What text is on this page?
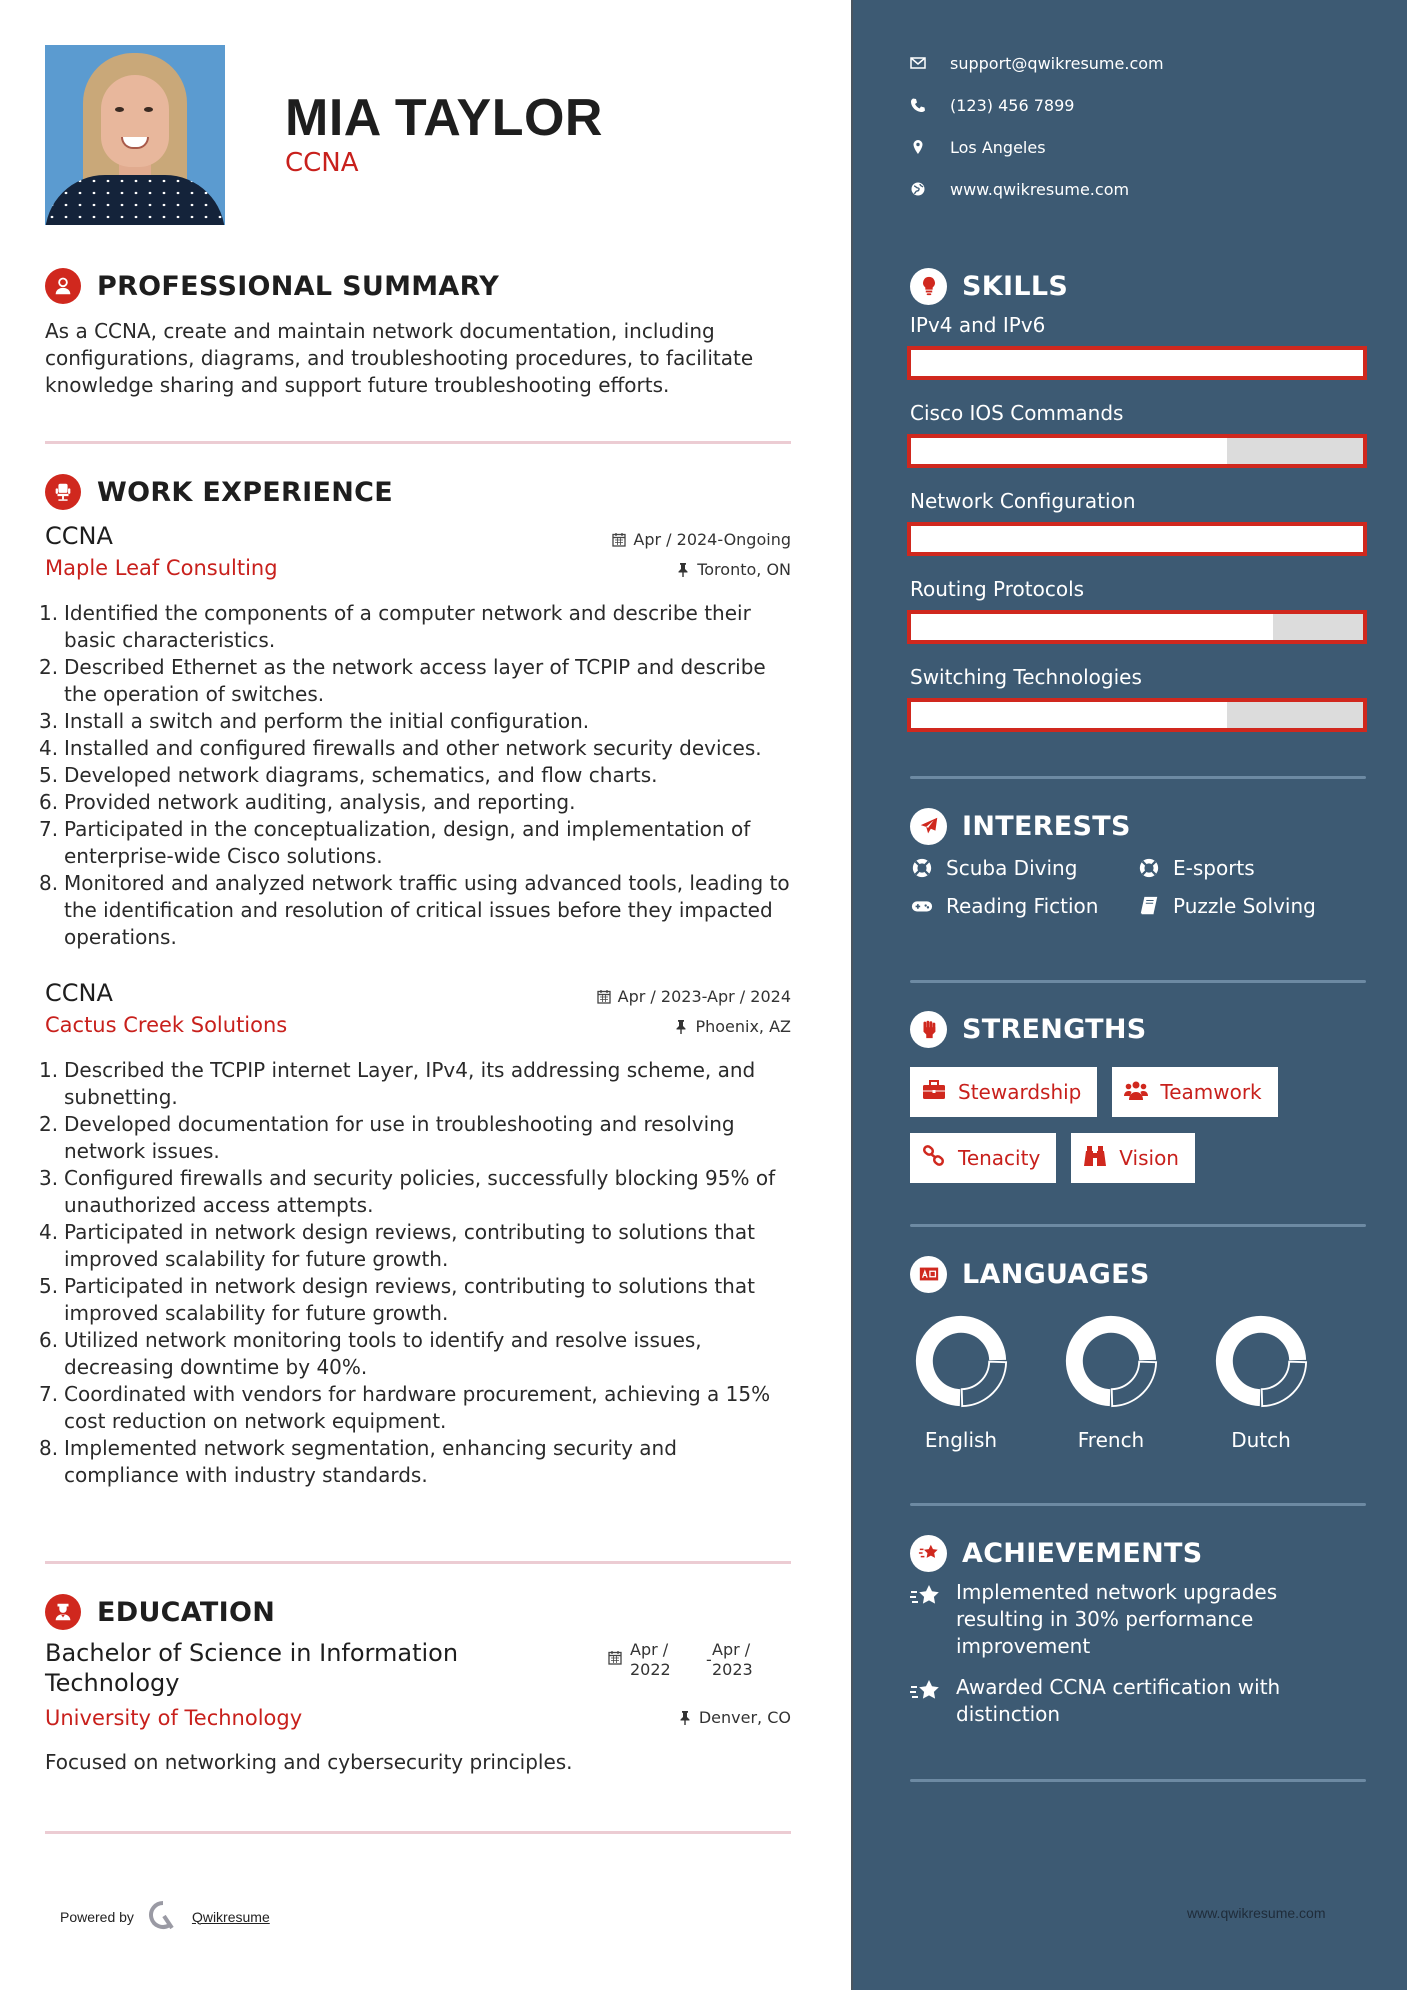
MIA TAYLOR
CCNA
PROFESSIONAL SUMMARY

As a CCNA, create and maintain network documentation, including configurations, diagrams, and troubleshooting procedures, to facilitate knowledge sharing and support future troubleshooting efforts.

WORK EXPERIENCE
CCNA
Maple Leaf Consulting
Apr / 2024-Ongoing
Toronto, ON
1. Identified the components of a computer network and describe their basic characteristics.
2. Described Ethernet as the network access layer of TCPIP and describe the operation of switches.
3. Install a switch and perform the initial configuration.
4. Installed and configured firewalls and other network security devices.
5. Developed network diagrams, schematics, and flow charts.
6. Provided network auditing, analysis, and reporting.
7. Participated in the conceptualization, design, and implementation of enterprise-wide Cisco solutions.
8. Monitored and analyzed network traffic using advanced tools, leading to the identification and resolution of critical issues before they impacted operations.
CCNA
Cactus Creek Solutions
Apr / 2023-Apr / 2024
Phoenix, AZ
1. Described the TCPIP internet Layer, IPv4, its addressing scheme, and subnetting.
2. Developed documentation for use in troubleshooting and resolving network issues.
3. Configured firewalls and security policies, successfully blocking 95% of unauthorized access attempts.
4. Participated in network design reviews, contributing to solutions that improved scalability for future growth.
5. Participated in network design reviews, contributing to solutions that improved scalability for future growth.
6. Utilized network monitoring tools to identify and resolve issues, decreasing downtime by 40%.
7. Coordinated with vendors for hardware procurement, achieving a 15% cost reduction on network equipment.
8. Implemented network segmentation, enhancing security and compliance with industry standards.
EDUCATION
Bachelor of Science in Information Technology
University of Technology
Apr / 2022
- Apr / 2023
Denver, CO

Focused on networking and cybersecurity principles.

Powered by	Qwikresume
support@qwikresume.com
(123) 456 7899
Los Angeles
www.qwikresume.com
SKILLS
IPv4 and IPv6
Cisco IOS Commands
Network Configuration
Routing Protocols
Switching Technologies
INTERESTS
Scuba Diving	E-sports
Reading Fiction	Puzzle Solving
STRENGTHS
Stewardship	Teamwork
Tenacity	Vision
LANGUAGES
English	French	Dutch
ACHIEVEMENTS
Implemented network upgrades resulting in 30% performance improvement
Awarded CCNA certification with distinction
www.qwikresume.com
